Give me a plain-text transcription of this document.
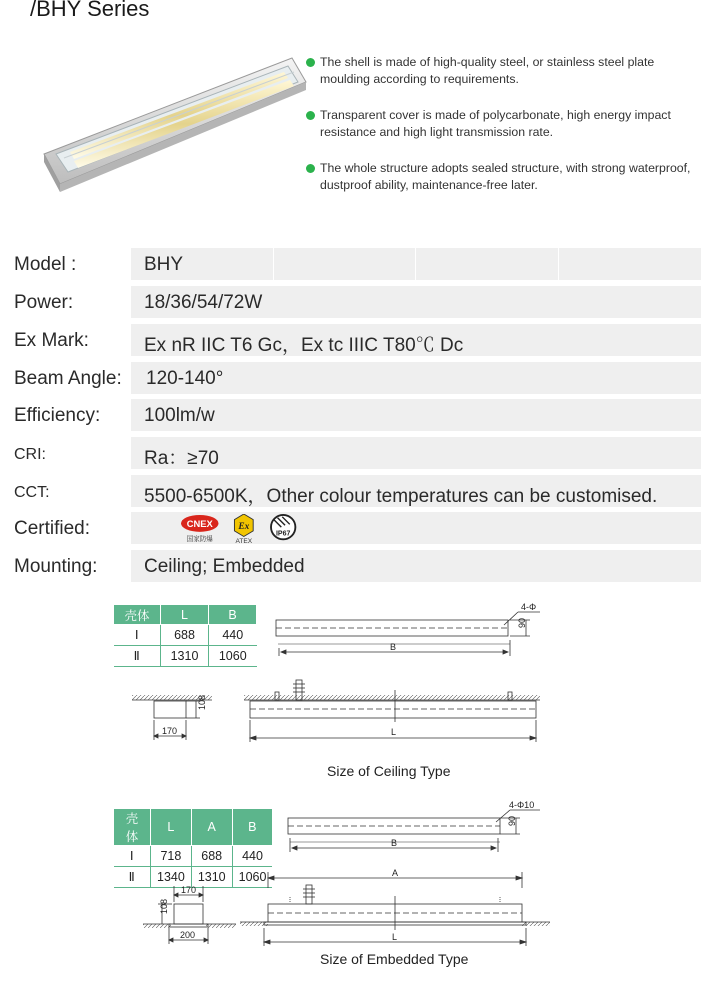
/BHY Series
The shell is made of high-quality steel, or stainless steel plate moulding according to requirements.
Transparent cover is made of polycarbonate, high energy impact resistance and high light transmission rate.
The whole structure adopts sealed structure, with strong waterproof, dustproof ability, maintenance-free later.
Model :	BHY
Power:	18/36/54/72W
Ex Mark:	Ex nR IIC T6 Gc，Ex tc IIIC T80℃ Dc
Beam Angle: 120-140°
Efficiency: 100lm/w
CRI:	Ra：≥70
CCT:	5500-6500K，Other colour temperatures can be customised.
Certified:	CNEX
国家防爆
Ex
ATEX
IP67
Mounting: Ceiling; Embedded
壳体	L	B
Ⅰ	688	440
Ⅱ	1310	1060
壳体	L	A	B
Ⅰ	718	688	440
Ⅱ	1340	1310	1060
4-Φ
90
B
108
170	L
4-Φ10
90
B
170
108
200
A
L
Size of Ceiling Type
Size of Embedded Type
